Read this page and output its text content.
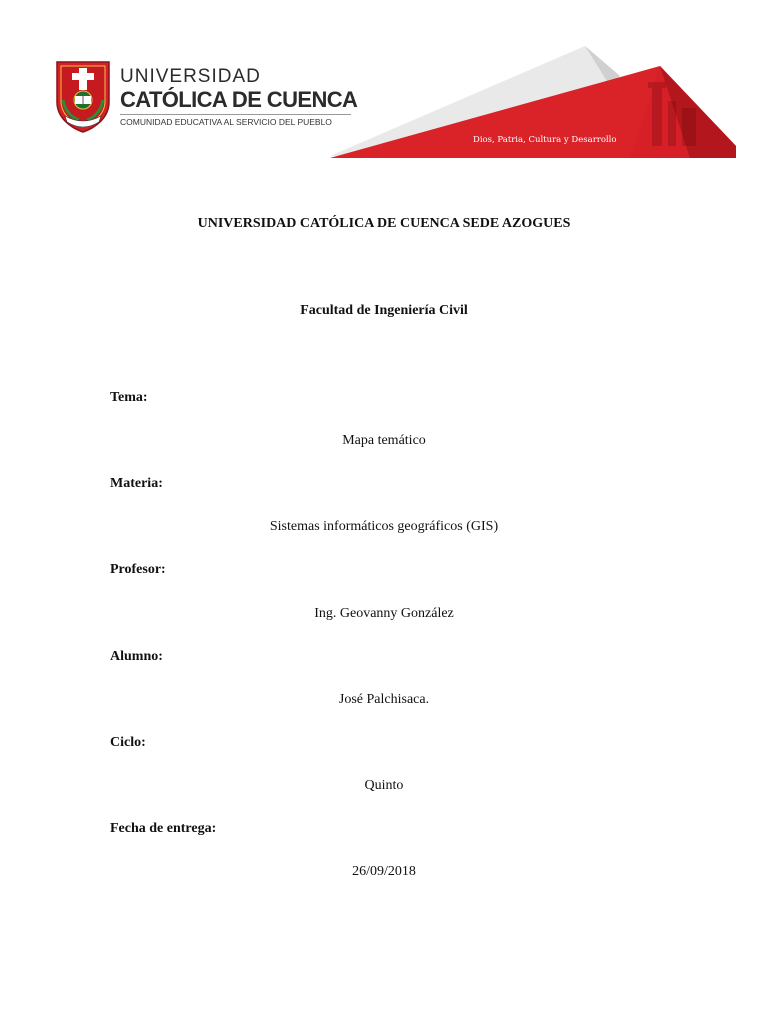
UNIVERSIDAD
CATÓLICA DE CUENCA
COMUNIDAD EDUCATIVA AL SERVICIO DEL PUEBLO
Dios, Patria, Cultura y Desarrollo
UNIVERSIDAD CATÓLICA DE CUENCA SEDE AZOGUES
Facultad de Ingeniería Civil
Tema:
Mapa temático
Materia:
Sistemas informáticos geográficos (GIS)
Profesor:
Ing. Geovanny González
Alumno:
José Palchisaca.
Ciclo:
Quinto
Fecha de entrega:
26/09/2018
